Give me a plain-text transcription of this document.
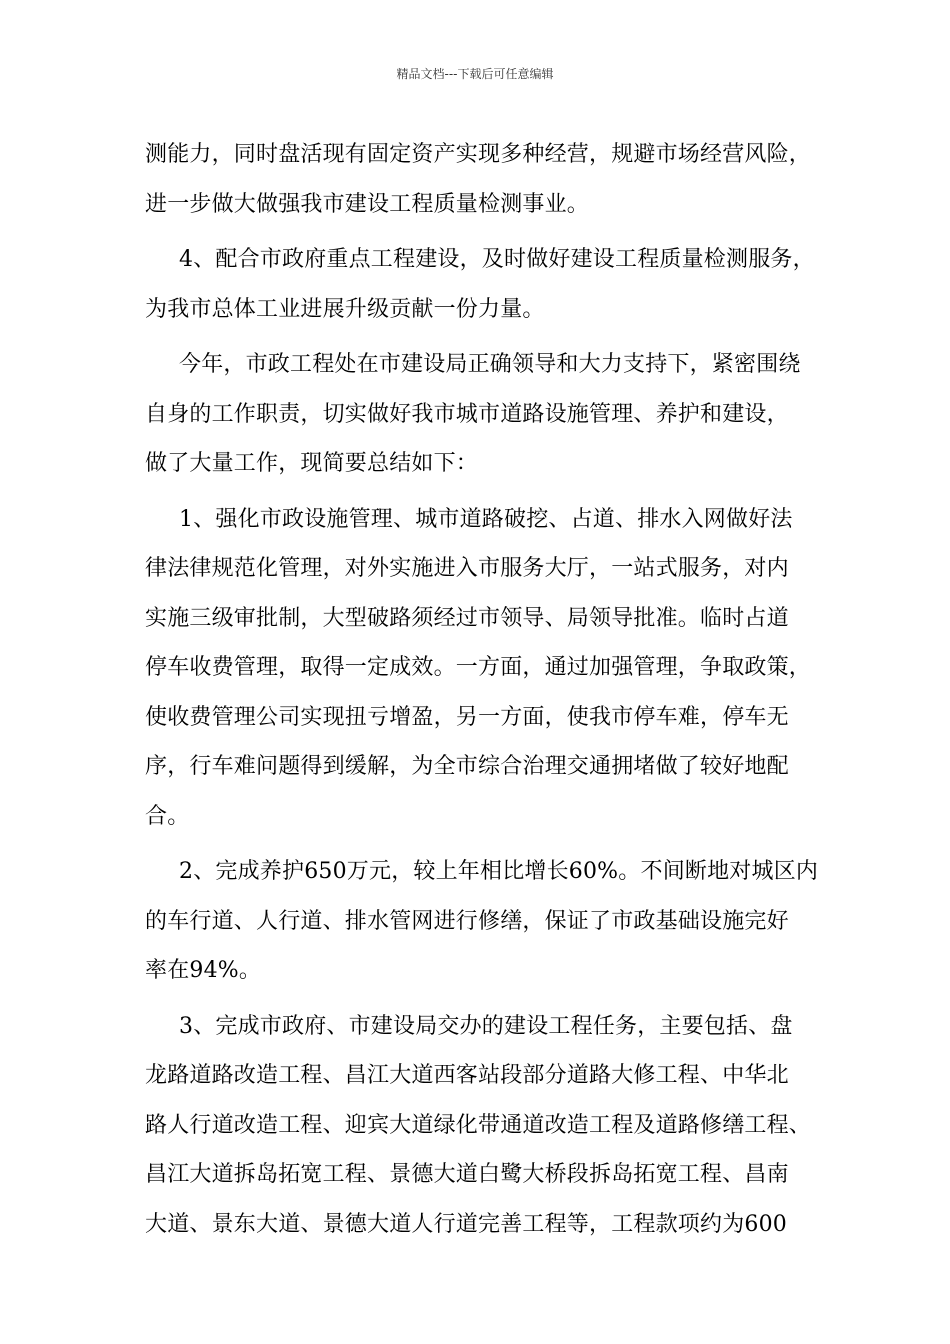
精品文档---下载后可任意编辑
测能力，同时盘活现有固定资产实现多种经营，规避市场经营风险，
进一步做大做强我市建设工程质量检测事业。
4、配合市政府重点工程建设，及时做好建设工程质量检测服务，
为我市总体工业进展升级贡献一份力量。
今年，市政工程处在市建设局正确领导和大力支持下，紧密围绕
自身的工作职责，切实做好我市城市道路设施管理、养护和建设，
做了大量工作，现简要总结如下：
1、强化市政设施管理、城市道路破挖、占道、排水入网做好法
律法律规范化管理，对外实施进入市服务大厅，一站式服务，对内
实施三级审批制，大型破路须经过市领导、局领导批准。临时占道
停车收费管理，取得一定成效。一方面，通过加强管理，争取政策，
使收费管理公司实现扭亏增盈，另一方面，使我市停车难，停车无
序，行车难问题得到缓解，为全市综合治理交通拥堵做了较好地配
合。
2、完成养护650万元，较上年相比增长60%。不间断地对城区内
的车行道、人行道、排水管网进行修缮，保证了市政基础设施完好
率在94%。
3、完成市政府、市建设局交办的建设工程任务，主要包括、盘
龙路道路改造工程、昌江大道西客站段部分道路大修工程、中华北
路人行道改造工程、迎宾大道绿化带通道改造工程及道路修缮工程、
昌江大道拆岛拓宽工程、景德大道白鹭大桥段拆岛拓宽工程、昌南
大道、景东大道、景德大道人行道完善工程等，工程款项约为600
